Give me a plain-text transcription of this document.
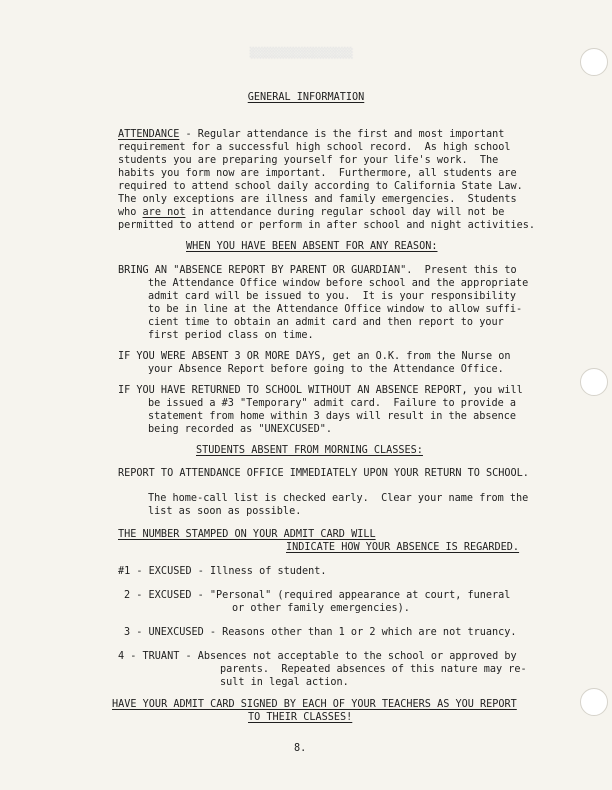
░░░░░░░░░░░░░░░░░░
GENERAL INFORMATION
ATTENDANCE - Regular attendance is the first and most important
requirement for a successful high school record.  As high school
students you are preparing yourself for your life's work.  The
habits you form now are important.  Furthermore, all students are
required to attend school daily according to California State Law.
The only exceptions are illness and family emergencies.  Students
who are not in attendance during regular school day will not be
permitted to attend or perform in after school and night activities.
WHEN YOU HAVE BEEN ABSENT FOR ANY REASON:
BRING AN "ABSENCE REPORT BY PARENT OR GUARDIAN".  Present this to
the Attendance Office window before school and the appropriate
admit card will be issued to you.  It is your responsibility
to be in line at the Attendance Office window to allow suffi-
cient time to obtain an admit card and then report to your
first period class on time.
IF YOU WERE ABSENT 3 OR MORE DAYS, get an O.K. from the Nurse on
your Absence Report before going to the Attendance Office.
IF YOU HAVE RETURNED TO SCHOOL WITHOUT AN ABSENCE REPORT, you will
be issued a #3 "Temporary" admit card.  Failure to provide a
statement from home within 3 days will result in the absence
being recorded as "UNEXCUSED".
STUDENTS ABSENT FROM MORNING CLASSES:
REPORT TO ATTENDANCE OFFICE IMMEDIATELY UPON YOUR RETURN TO SCHOOL.
The home-call list is checked early.  Clear your name from the
list as soon as possible.
THE NUMBER STAMPED ON YOUR ADMIT CARD WILL
INDICATE HOW YOUR ABSENCE IS REGARDED.
#1 - EXCUSED - Illness of student.
2 - EXCUSED - "Personal" (required appearance at court, funeral
or other family emergencies).
3 - UNEXCUSED - Reasons other than 1 or 2 which are not truancy.
4 - TRUANT - Absences not acceptable to the school or approved by
parents.  Repeated absences of this nature may re-
sult in legal action.
HAVE YOUR ADMIT CARD SIGNED BY EACH OF YOUR TEACHERS AS YOU REPORT
TO THEIR CLASSES!
8.
